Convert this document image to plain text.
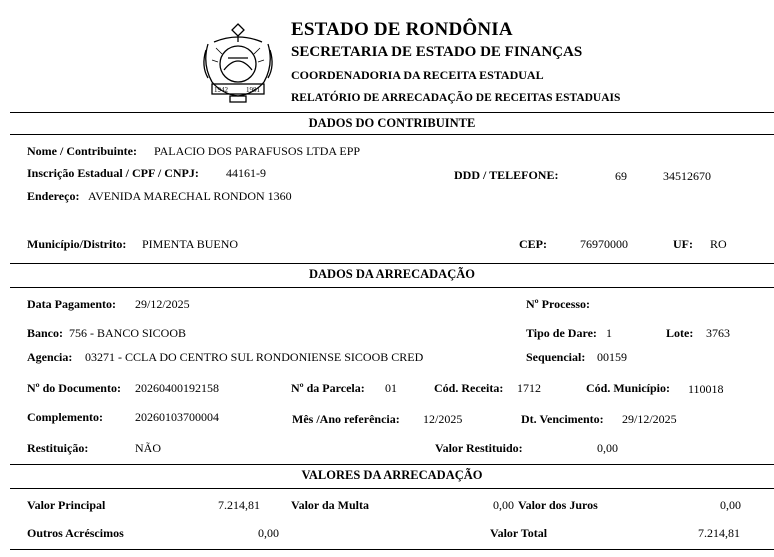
1942	1981
ESTADO DE RONDÔNIA
SECRETARIA DE ESTADO DE FINANÇAS
COORDENADORIA DA RECEITA ESTADUAL
RELATÓRIO DE ARRECADAÇÃO DE RECEITAS ESTADUAIS
DADOS DO CONTRIBUINTE
Nome / Contribuinte: PALACIO DOS PARAFUSOS LTDA EPP
Inscrição Estadual / CPF / CNPJ: 44161-9	DDD / TELEFONE:	69	34512670
Endereço: AVENIDA MARECHAL RONDON 1360
Município/Distrito: PIMENTA BUENO	CEP:	76970000	UF: RO
DADOS DA ARRECADAÇÃO
Data Pagamento: 29/12/2025	Nº Processo:
Banco: 756 - BANCO SICOOB	Tipo de Dare: 1	Lote: 3763
Agencia: 03271 - CCLA DO CENTRO SUL RONDONIENSE SICOOB CRED	Sequencial: 00159
Nº do Documento: 20260400192158	Nº da Parcela: 01	Cód. Receita: 1712	Cód. Município: 110018
Complemento:	20260103700004	Mês /Ano referência: 12/2025	Dt. Vencimento: 29/12/2025
Restituição:	NÃO	Valor Restituido:	0,00
VALORES DA ARRECADAÇÃO
Valor Principal	7.214,81	Valor da Multa	0,00 Valor dos Juros	0,00
Outros Acréscimos	0,00	Valor Total	7.214,81
